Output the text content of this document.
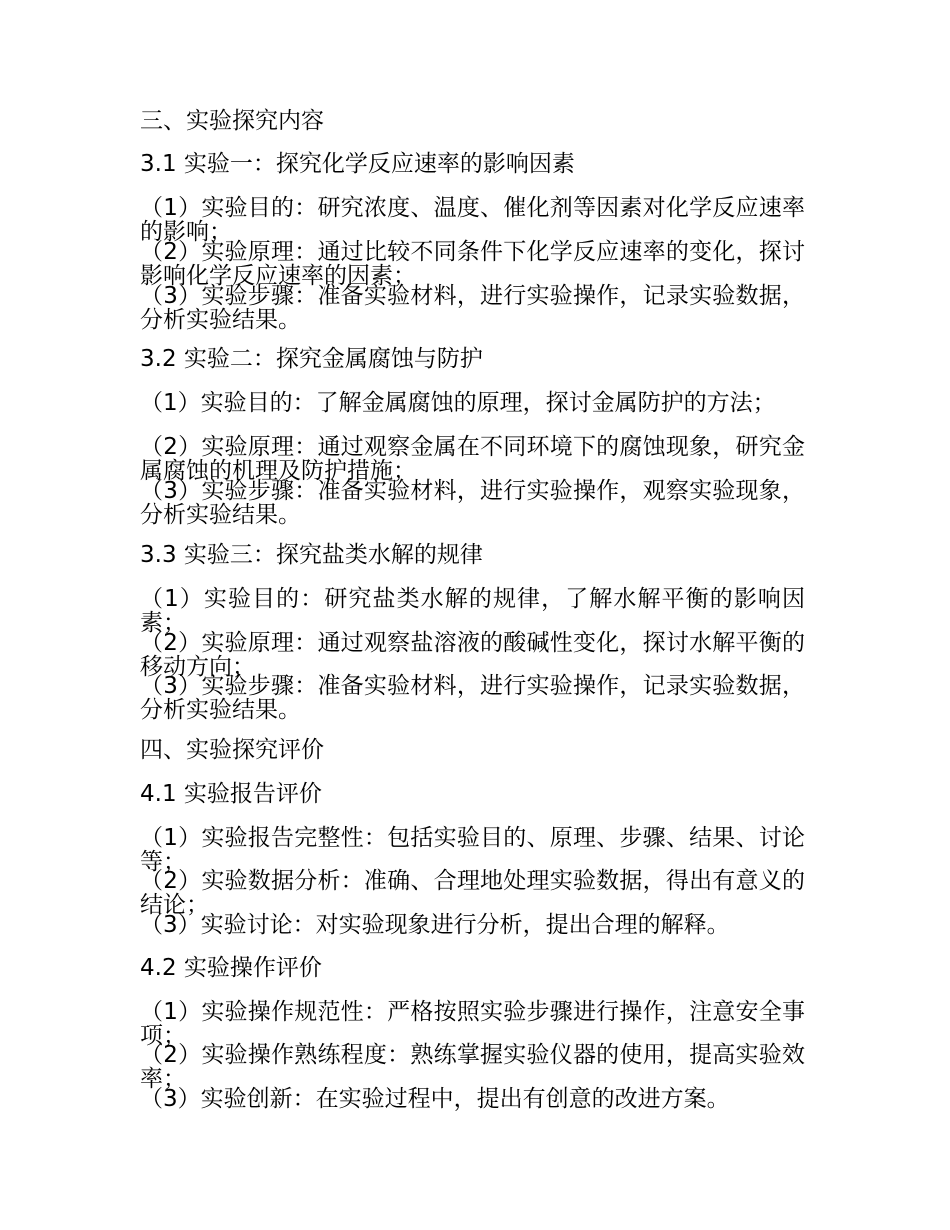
三、实验探究内容
3.1 实验一：探究化学反应速率的影响因素
（1）实验目的：研究浓度、温度、催化剂等因素对化学反应速率的影响；
（2）实验原理：通过比较不同条件下化学反应速率的变化，探讨影响化学反应速率的因素；
（3）实验步骤：准备实验材料，进行实验操作，记录实验数据，分析实验结果。
3.2 实验二：探究金属腐蚀与防护
（1）实验目的：了解金属腐蚀的原理，探讨金属防护的方法；
（2）实验原理：通过观察金属在不同环境下的腐蚀现象，研究金属腐蚀的机理及防护措施；
（3）实验步骤：准备实验材料，进行实验操作，观察实验现象，分析实验结果。
3.3 实验三：探究盐类水解的规律
（1）实验目的：研究盐类水解的规律，了解水解平衡的影响因素；
（2）实验原理：通过观察盐溶液的酸碱性变化，探讨水解平衡的移动方向；
（3）实验步骤：准备实验材料，进行实验操作，记录实验数据，分析实验结果。
四、实验探究评价
4.1 实验报告评价
（1）实验报告完整性：包括实验目的、原理、步骤、结果、讨论等；
（2）实验数据分析：准确、合理地处理实验数据，得出有意义的结论；
（3）实验讨论：对实验现象进行分析，提出合理的解释。
4.2 实验操作评价
（1）实验操作规范性：严格按照实验步骤进行操作，注意安全事项；
（2）实验操作熟练程度：熟练掌握实验仪器的使用，提高实验效率；
（3）实验创新：在实验过程中，提出有创意的改进方案。
